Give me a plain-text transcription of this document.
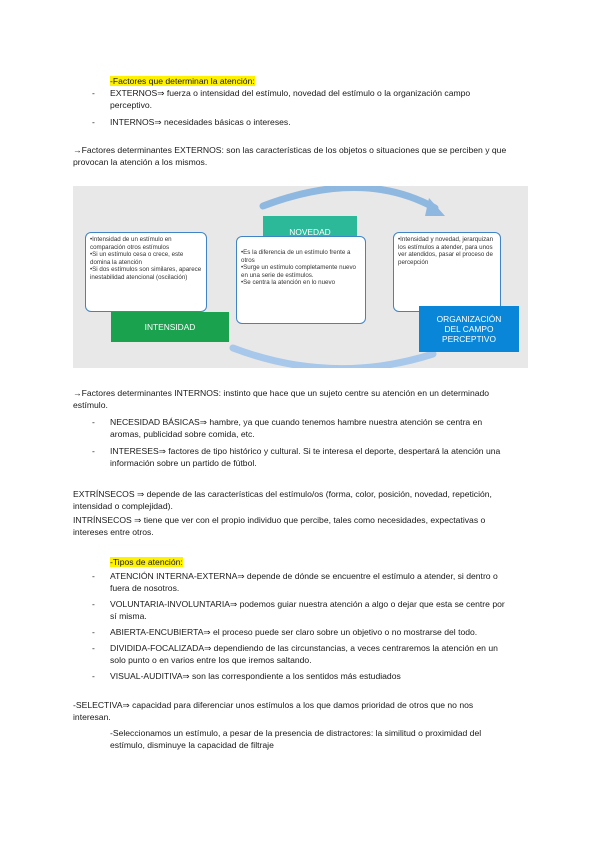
-Factores que determinan la atención:
- EXTERNOS⇒ fuerza o intensidad del estímulo, novedad del estímulo o la organización campo
perceptivo.
- INTERNOS⇒ necesidades básicas o intereses.
→Factores determinantes EXTERNOS: son las características de los objetos o situaciones que se perciben y que
provocan la atención a los mismos.
•Intensidad de un estímulo en comparación otros estímulos
•Si un estímulo cesa o crece, este domina la atención
•Si dos estímulos son similares, aparece inestabilidad atencional (oscilación)
INTENSIDAD
NOVEDAD
•Es la diferencia de un estímulo frente a otros
•Surge un estímulo completamente nuevo en una serie de estímulos.
•Se centra la atención en lo nuevo
•Intensidad y novedad, jerarquizan los estímulos a atender, para unos ver atendidos, pasar el proceso de percepción
ORGANIZACIÓN
DEL CAMPO
PERCEPTIVO
→Factores determinantes INTERNOS: instinto que hace que un sujeto centre su atención en un determinado
estímulo.
- NECESIDAD BÁSICAS⇒ hambre, ya que cuando tenemos hambre nuestra atención se centra en
aromas, publicidad sobre comida, etc.
- INTERESES⇒ factores de tipo histórico y cultural. Si te interesa el deporte, despertará la atención una
información sobre un partido de fútbol.
EXTRÍNSECOS ⇒ depende de las características del estímulo/os (forma, color, posición, novedad, repetición,
intensidad o complejidad).
INTRÍNSECOS ⇒ tiene que ver con el propio individuo que percibe, tales como necesidades, expectativas o
intereses entre otros.
-Tipos de atención:
- ATENCIÓN INTERNA-EXTERNA⇒ depende de dónde se encuentre el estímulo a atender, si dentro o
fuera de nosotros.
- VOLUNTARIA-INVOLUNTARIA⇒ podemos guiar nuestra atención a algo o dejar que esta se centre por
sí misma.
- ABIERTA-ENCUBIERTA⇒ el proceso puede ser claro sobre un objetivo o no mostrarse del todo.
- DIVIDIDA-FOCALIZADA⇒ dependiendo de las circunstancias, a veces centraremos la atención en un
solo punto o en varios entre los que iremos saltando.
- VISUAL-AUDITIVA⇒ son las correspondiente a los sentidos más estudiados
-SELECTIVA⇒ capacidad para diferenciar unos estímulos a los que damos prioridad de otros que no nos
interesan.
-Seleccionamos un estímulo, a pesar de la presencia de distractores: la similitud o proximidad del
estímulo, disminuye la capacidad de filtraje
